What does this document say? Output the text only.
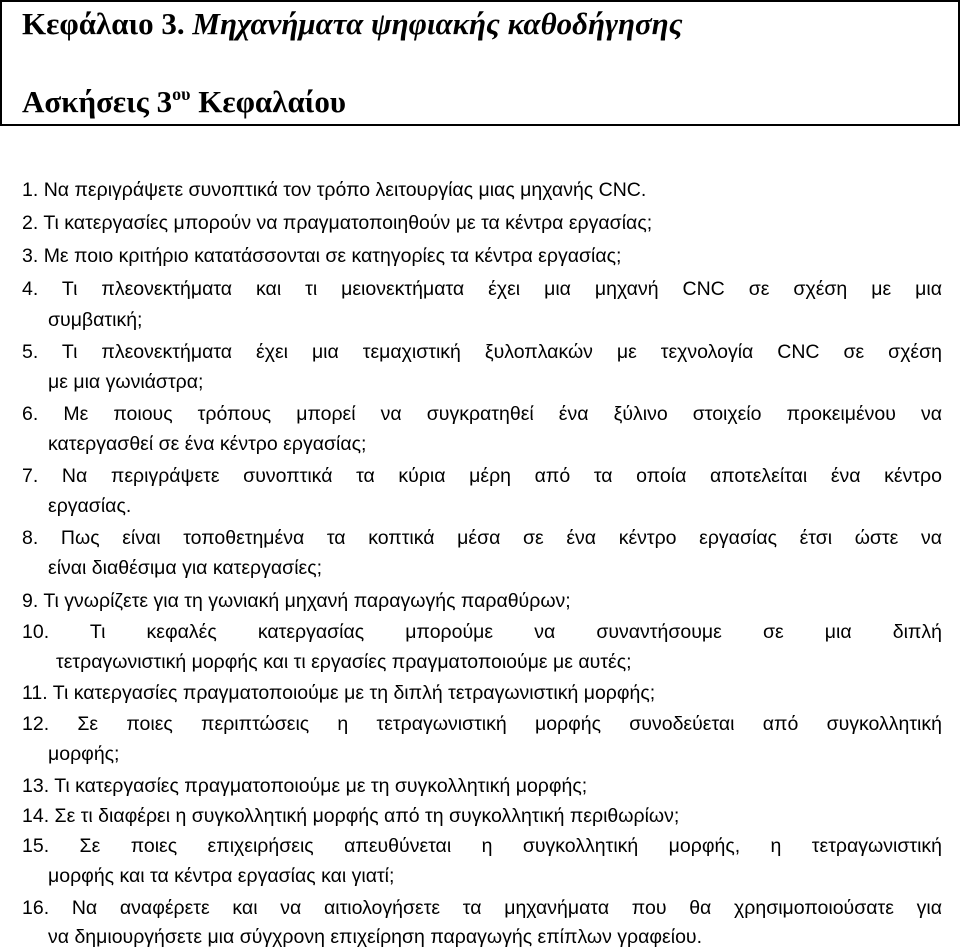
Κεφάλαιο 3. Μηχανήματα ψηφιακής καθοδήγησης
Ασκήσεις $3^{o\upsilon}$ Κεφαλαίου
1. Να περιγράψετε συνοπτικά τον τρόπο λειτουργίας μιας μηχανής CNC.
2. Τι κατεργασίες μπορούν να πραγματοποιηθούν με τα κέντρα εργασίας;
3. Με ποιο κριτήριο κατατάσσονται σε κατηγορίες τα κέντρα εργασίας;
4. Τι πλεονεκτήματα και τι μειονεκτήματα έχει μια μηχανή CNC σε σχέση με μια
συμβατική;
5. Τι πλεονεκτήματα έχει μια τεμαχιστική ξυλοπλακών με τεχνολογία CNC σε σχέση
με μια γωνιάστρα;
6. Με ποιους τρόπους μπορεί να συγκρατηθεί ένα ξύλινο στοιχείο προκειμένου να
κατεργασθεί σε ένα κέντρο εργασίας;
7. Να περιγράψετε συνοπτικά τα κύρια μέρη από τα οποία αποτελείται ένα κέντρο
εργασίας.
8. Πως είναι τοποθετημένα τα κοπτικά μέσα σε ένα κέντρο εργασίας έτσι ώστε να
είναι διαθέσιμα για κατεργασίες;
9. Τι γνωρίζετε για τη γωνιακή μηχανή παραγωγής παραθύρων;
10. Τι κεφαλές κατεργασίας μπορούμε να συναντήσουμε σε μια διπλή
τετραγωνιστική μορφής και τι εργασίες πραγματοποιούμε με αυτές;
11. Τι κατεργασίες πραγματοποιούμε με τη διπλή τετραγωνιστική μορφής;
12. Σε ποιες περιπτώσεις η τετραγωνιστική μορφής συνοδεύεται από συγκολλητική
μορφής;
13. Τι κατεργασίες πραγματοποιούμε με τη συγκολλητική μορφής;
14. Σε τι διαφέρει η συγκολλητική μορφής από τη συγκολλητική περιθωρίων;
15. Σε ποιες επιχειρήσεις απευθύνεται η συγκολλητική μορφής, η τετραγωνιστική
μορφής και τα κέντρα εργασίας και γιατί;
16. Να αναφέρετε και να αιτιολογήσετε τα μηχανήματα που θα χρησιμοποιούσατε για
να δημιουργήσετε μια σύγχρονη επιχείρηση παραγωγής επίπλων γραφείου.
